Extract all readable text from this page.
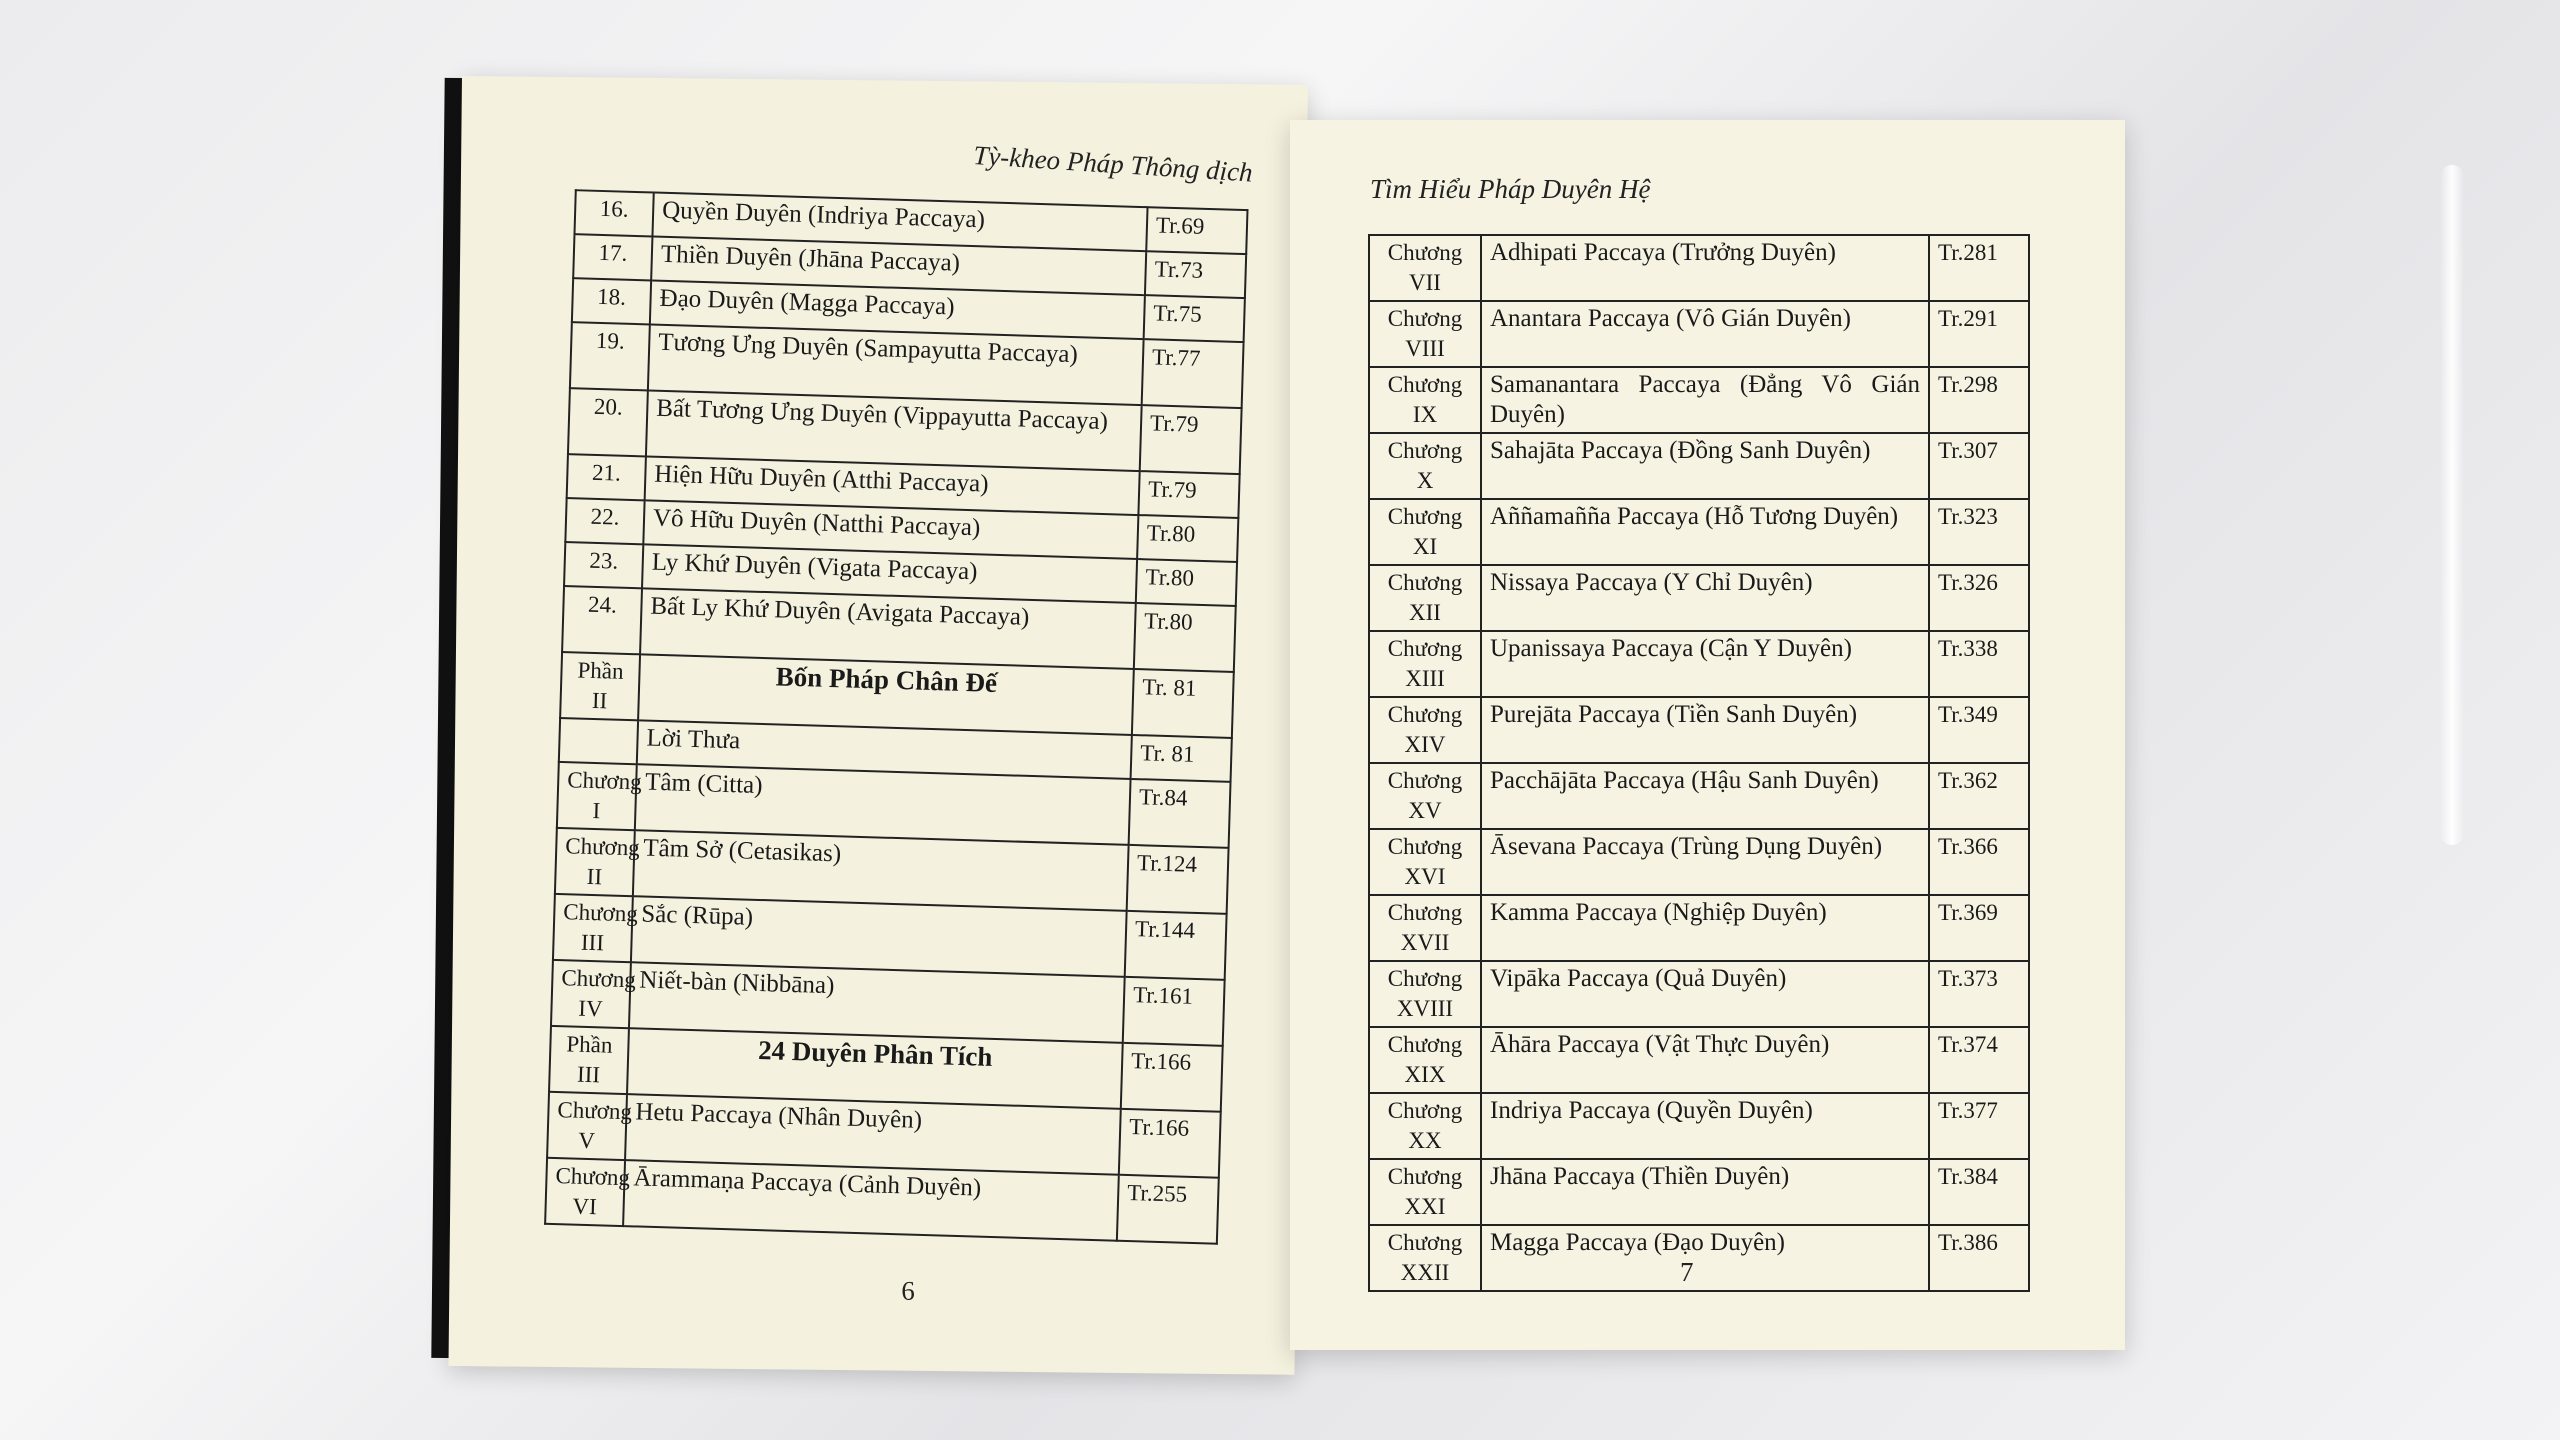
Tỳ-kheo Pháp Thông dịch
16.	Quyền Duyên (Indriya Paccaya)	Tr.69
17.	Thiền Duyên (Jhāna Paccaya)	Tr.73
18.	Đạo Duyên (Magga Paccaya)	Tr.75
19.	Tương Ưng Duyên (Sampayutta Paccaya)	Tr.77
20.	Bất Tương Ưng Duyên (Vippayutta Paccaya)	Tr.79
21.	Hiện Hữu Duyên (Atthi Paccaya)	Tr.79
22.	Vô Hữu Duyên (Natthi Paccaya)	Tr.80
23.	Ly Khứ Duyên (Vigata Paccaya)	Tr.80
24.	Bất Ly Khứ Duyên (Avigata Paccaya)	Tr.80
Phần II	Bốn Pháp Chân Đế	Tr. 81
	Lời Thưa	Tr. 81
Chương I	Tâm (Citta)	Tr.84
Chương II	Tâm Sở (Cetasikas)	Tr.124
Chương III	Sắc (Rūpa)	Tr.144
Chương IV	Niết-bàn (Nibbāna)	Tr.161
Phần III	24 Duyên Phân Tích	Tr.166
Chương V	Hetu Paccaya (Nhân Duyên)	Tr.166
Chương VI	Ārammaṇa Paccaya (Cảnh Duyên)	Tr.255
6
Tìm Hiểu Pháp Duyên Hệ
Chương VII	Adhipati Paccaya (Trưởng Duyên)	Tr.281
Chương VIII	Anantara Paccaya (Vô Gián Duyên)	Tr.291
Chương IX	Samanantara Paccaya (Đẳng Vô Gián Duyên)	Tr.298
Chương X	Sahajāta Paccaya (Đồng Sanh Duyên)	Tr.307
Chương XI	Aññamañña Paccaya (Hỗ Tương Duyên)	Tr.323
Chương XII	Nissaya Paccaya (Y Chỉ Duyên)	Tr.326
Chương XIII	Upanissaya Paccaya (Cận Y Duyên)	Tr.338
Chương XIV	Purejāta Paccaya (Tiền Sanh Duyên)	Tr.349
Chương XV	Pacchājāta Paccaya (Hậu Sanh Duyên)	Tr.362
Chương XVI	Āsevana Paccaya (Trùng Dụng Duyên)	Tr.366
Chương XVII	Kamma Paccaya (Nghiệp Duyên)	Tr.369
Chương XVIII	Vipāka Paccaya (Quả Duyên)	Tr.373
Chương XIX	Āhāra Paccaya (Vật Thực Duyên)	Tr.374
Chương XX	Indriya Paccaya (Quyền Duyên)	Tr.377
Chương XXI	Jhāna Paccaya (Thiền Duyên)	Tr.384
Chương XXII	Magga Paccaya (Đạo Duyên)	Tr.386
7
